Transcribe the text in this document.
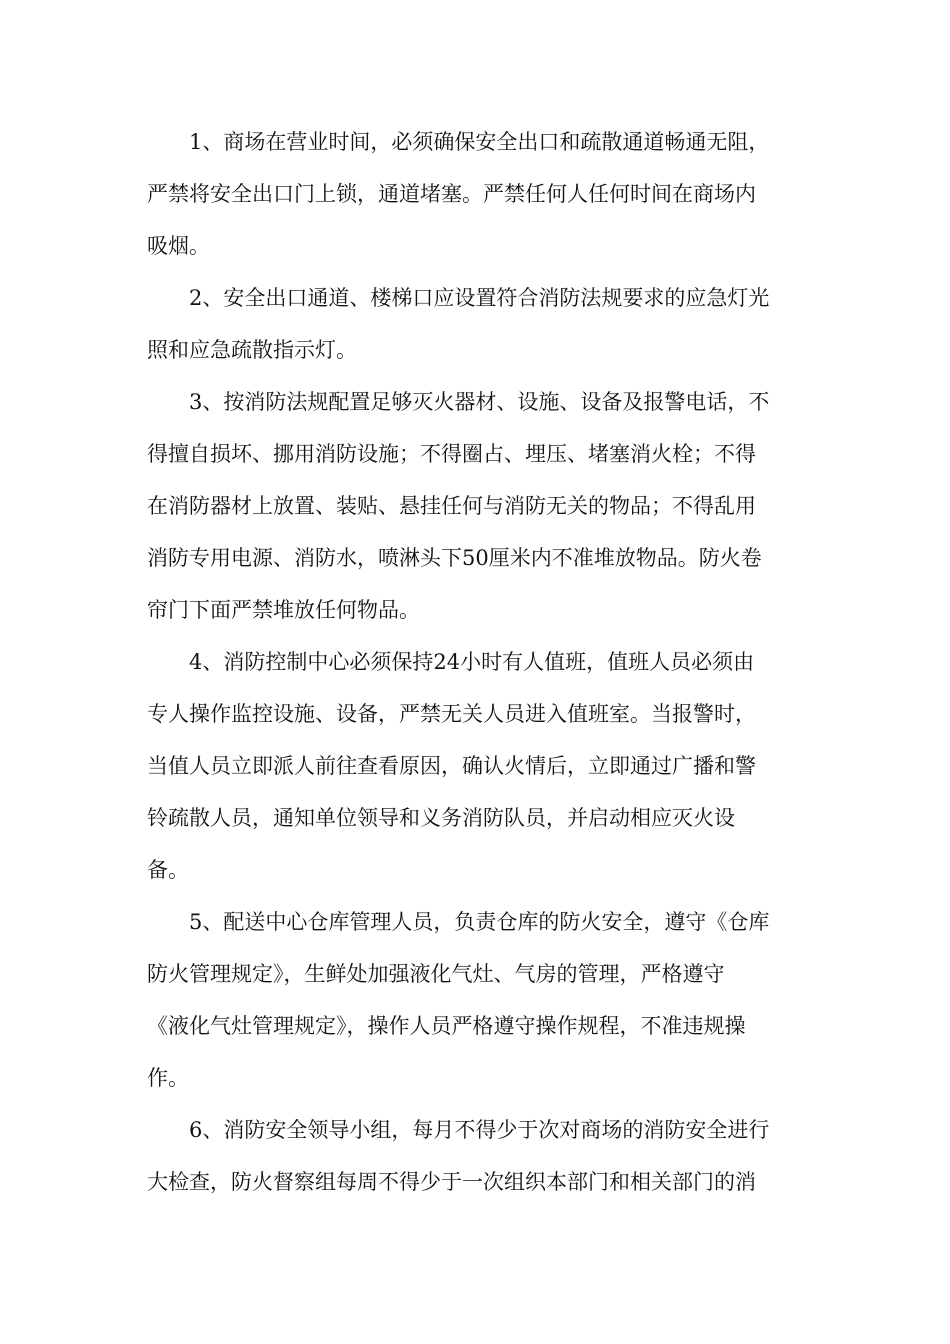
1、商场在营业时间，必须确保安全出口和疏散通道畅通无阻，
严禁将安全出口门上锁，通道堵塞。严禁任何人任何时间在商场内
吸烟。
2、安全出口通道、楼梯口应设置符合消防法规要求的应急灯光
照和应急疏散指示灯。
3、按消防法规配置足够灭火器材、设施、设备及报警电话，不
得擅自损坏、挪用消防设施；不得圈占、埋压、堵塞消火栓；不得
在消防器材上放置、装贴、悬挂任何与消防无关的物品；不得乱用
消防专用电源、消防水，喷淋头下50厘米内不准堆放物品。防火卷
帘门下面严禁堆放任何物品。
4、消防控制中心必须保持24小时有人值班，值班人员必须由
专人操作监控设施、设备，严禁无关人员进入值班室。当报警时，
当值人员立即派人前往查看原因，确认火情后，立即通过广播和警
铃疏散人员，通知单位领导和义务消防队员，并启动相应灭火设
备。
5、配送中心仓库管理人员，负责仓库的防火安全，遵守《仓库
防火管理规定》，生鲜处加强液化气灶、气房的管理，严格遵守
《液化气灶管理规定》，操作人员严格遵守操作规程，不准违规操
作。
6、消防安全领导小组，每月不得少于次对商场的消防安全进行
大检查，防火督察组每周不得少于一次组织本部门和相关部门的消
